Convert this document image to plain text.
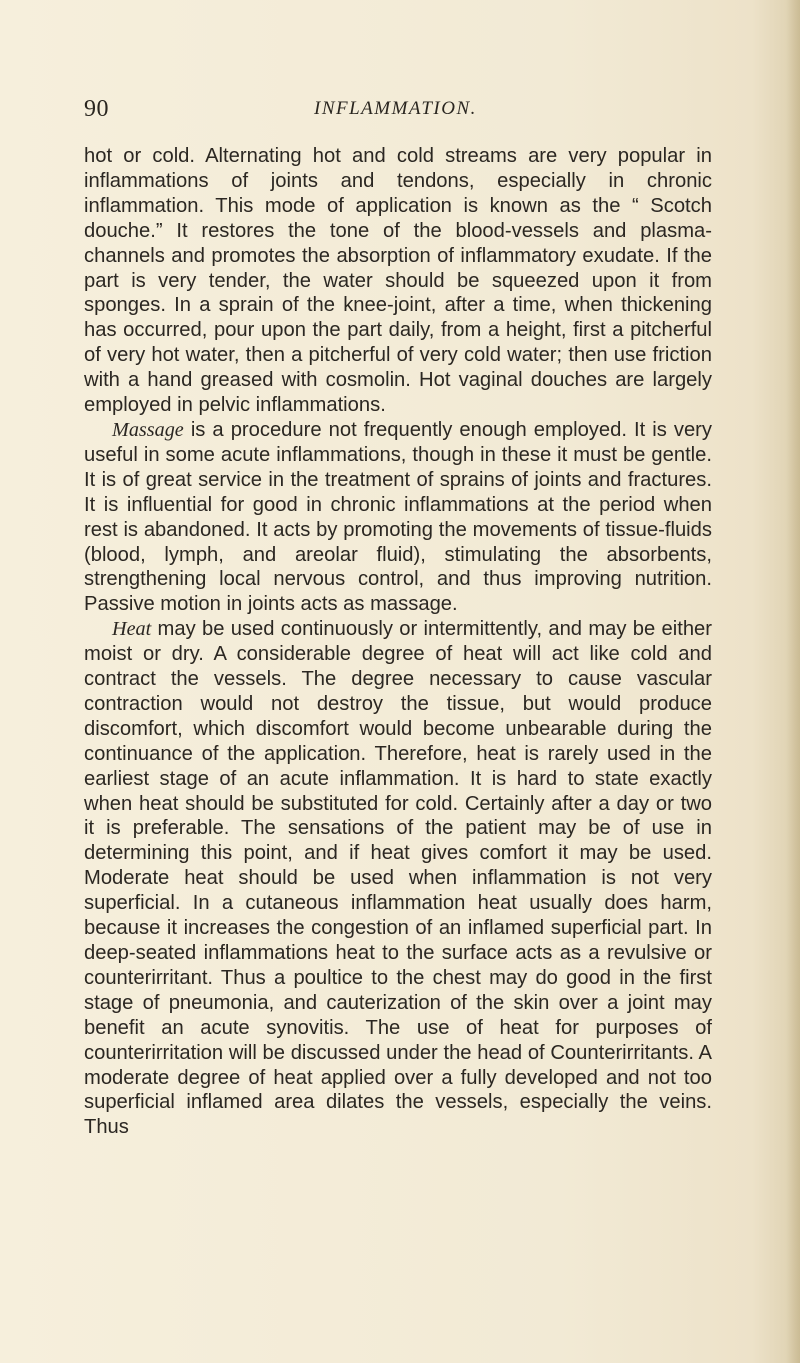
90	INFLAMMATION.

hot or cold. Alternating hot and cold streams are very popular in inflammations of joints and tendons, especially in chronic inflammation. This mode of application is known as the “ Scotch douche.” It restores the tone of the blood-vessels and plasma-channels and promotes the absorption of inflammatory exudate. If the part is very tender, the water should be squeezed upon it from sponges. In a sprain of the knee-joint, after a time, when thickening has occurred, pour upon the part daily, from a height, first a pitcherful of very hot water, then a pitcherful of very cold water; then use friction with a hand greased with cosmolin. Hot vaginal douches are largely employed in pelvic inflammations.

Massage is a procedure not frequently enough employed. It is very useful in some acute inflammations, though in these it must be gentle. It is of great service in the treatment of sprains of joints and fractures. It is influential for good in chronic inflammations at the period when rest is abandoned. It acts by promoting the movements of tissue-fluids (blood, lymph, and areolar fluid), stimulating the absorbents, strengthening local nervous control, and thus improving nutrition. Passive motion in joints acts as massage.

Heat may be used continuously or intermittently, and may be either moist or dry. A considerable degree of heat will act like cold and contract the vessels. The degree necessary to cause vascular contraction would not destroy the tissue, but would produce discomfort, which discomfort would become unbearable during the continuance of the application. Therefore, heat is rarely used in the earliest stage of an acute inflammation. It is hard to state exactly when heat should be substituted for cold. Certainly after a day or two it is preferable. The sensations of the patient may be of use in determining this point, and if heat gives comfort it may be used. Moderate heat should be used when inflammation is not very superficial. In a cutaneous inflammation heat usually does harm, because it increases the congestion of an inflamed superficial part. In deep-seated inflammations heat to the surface acts as a revulsive or counterirritant. Thus a poultice to the chest may do good in the first stage of pneumonia, and cauterization of the skin over a joint may benefit an acute synovitis. The use of heat for purposes of counterirritation will be discussed under the head of Counterirritants. A moderate degree of heat applied over a fully developed and not too superficial inflamed area dilates the vessels, especially the veins. Thus
